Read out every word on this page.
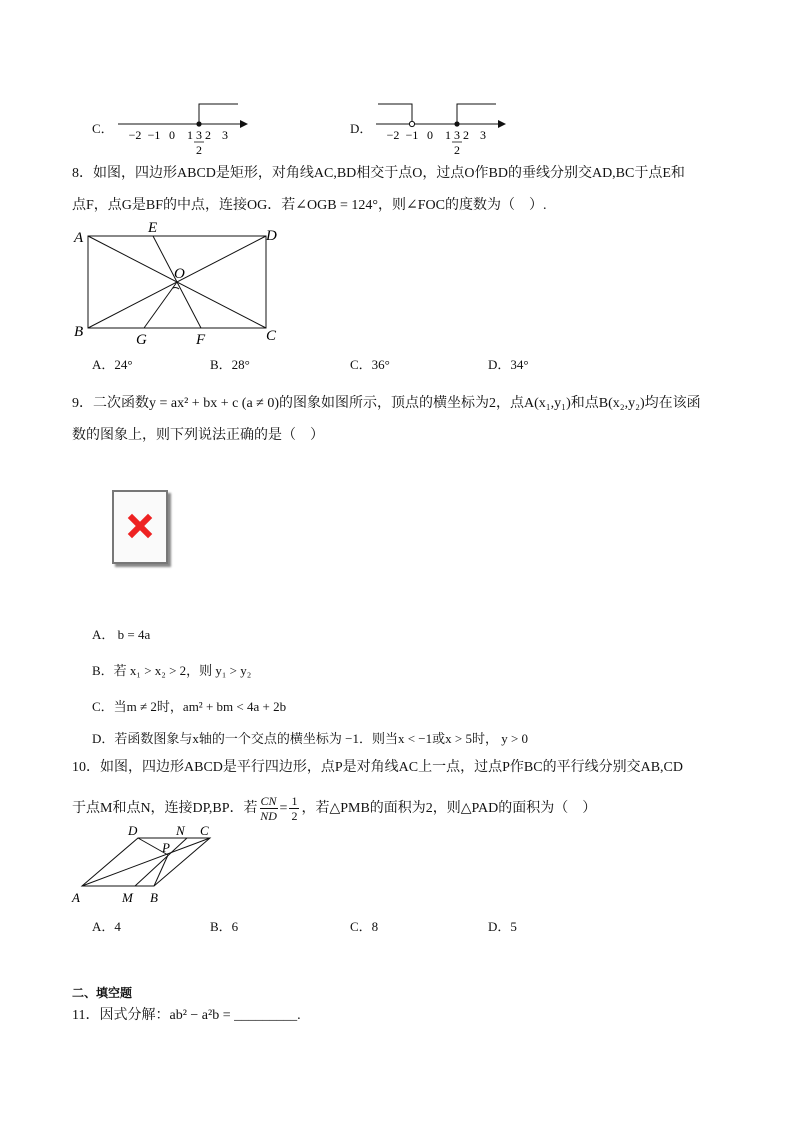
C． −2 −1 0 1 3
2
2 3	D． −2 −1 0 1 3
2
2 3
8．如图，四边形ABCD是矩形，对角线AC,BD相交于点O，过点O作BD的垂线分别交AD,BC于点E和
点F，点G是BF的中点，连接OG．若∠OGB = 124°，则∠FOC的度数为（　）.
A
B	C
D
E
F
G
O
A．24°	B．28°	C．36°	D．34°
9．二次函数y = ax² + bx + c (a ≠ 0)的图象如图所示，顶点的横坐标为2，点A(x₁,y₁)和点B(x₂,y₂)均在该函
数的图象上，则下列说法正确的是（　）
A． b = 4a
B．若 x₁ > x₂ > 2，则 y₁ > y₂
C．当m ≠ 2时，am² + bm < 4a + 2b
D．若函数图象与x轴的一个交点的横坐标为 −1．则当x < −1或x > 5时， y > 0
10．如图，四边形ABCD是平行四边形，点P是对角线AC上一点，过点P作BC的平行线分别交AB,CD
于点M和点N，连接DP,BP．若 $\frac{CN}{ND} = \frac{1}{2}$ ，若△PMB的面积为2，则△PAD的面积为（　）
A	M B
D	N C
P
A．4	B．6	C．8	D．5
二、填空题
11．因式分解：ab² − a²b = _________.
